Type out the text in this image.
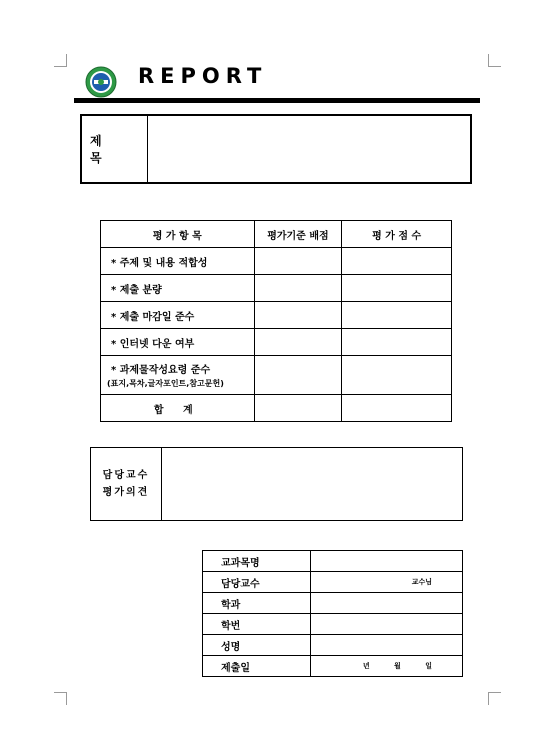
REPORT
제 목
평 가 항 목	평가기준 배점	평 가 점 수
* 주제 및 내용 적합성		
* 제출 분량		
* 제출 마감일 준수		
* 인터넷 다운 여부		
* 과제물작성요령 준수
(표지,목차,글자포인트,참고문헌)		

합 계		
담당교수
평가의견
교과목명	
담당교수	교수님
학과	
학번	
성명	
제출일	년 월 일
